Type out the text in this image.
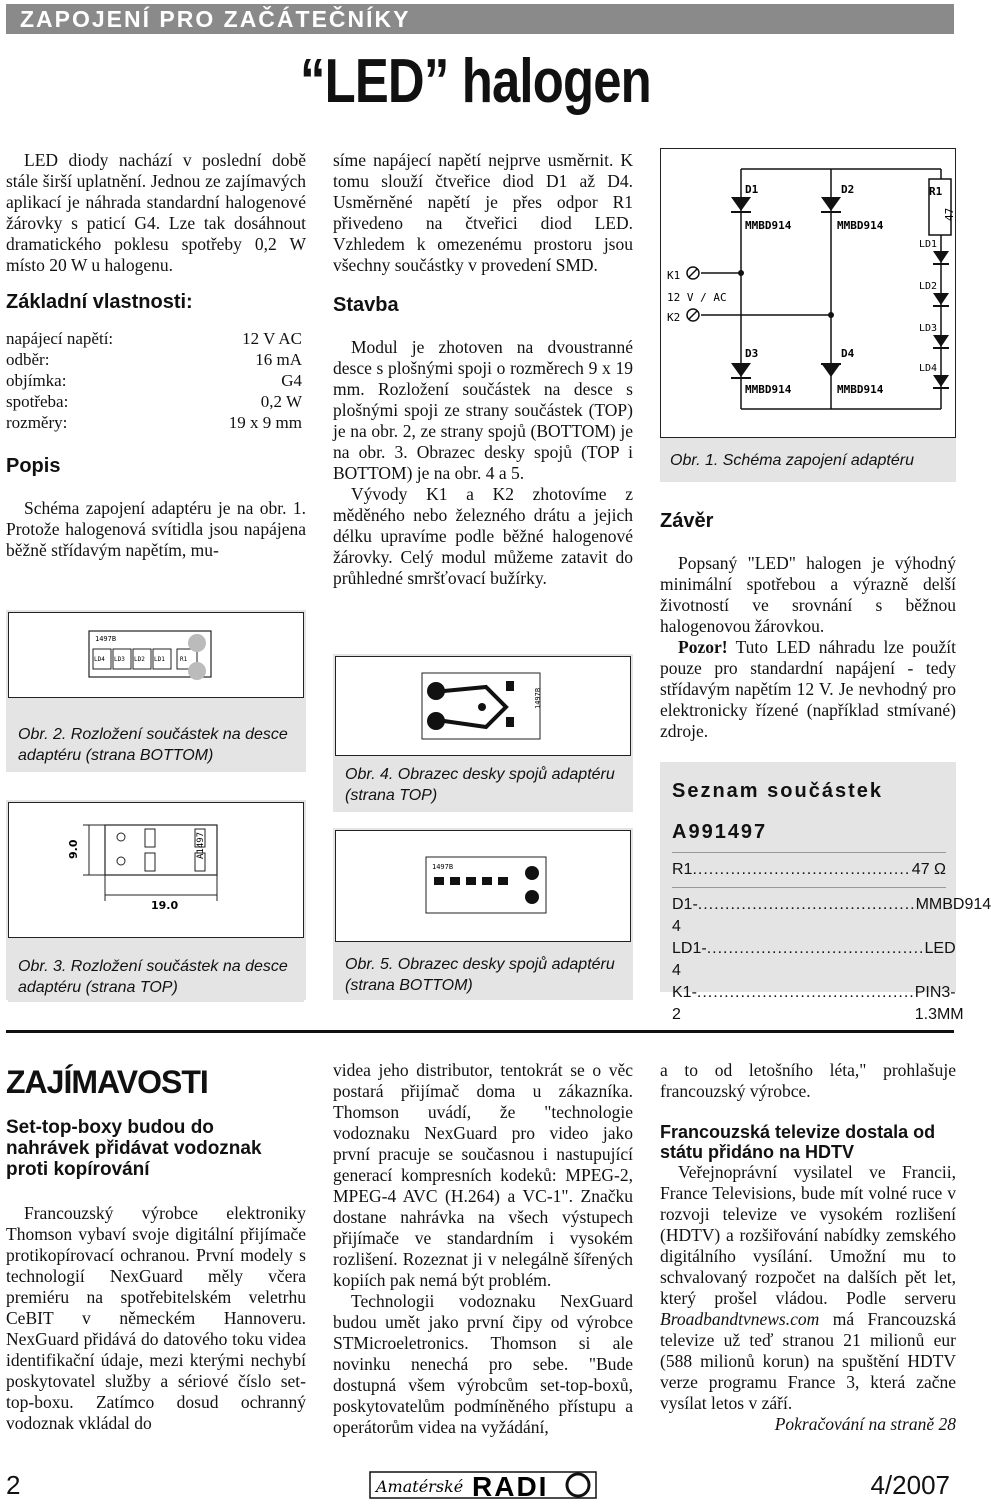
ZAPOJENÍ PRO ZAČÁTEČNÍKY
“LED” halogen

LED diody nachází v poslední době stále širší uplatnění. Jednou ze zajímavých aplikací je náhrada standardní halogenové žárovky s paticí G4. Lze tak dosáhnout dramatického poklesu spotřeby 0,2 W místo 20 W u halogenu.

Základní vlastnosti:
napájecí napětí:	12 V AC
odběr:	16 mA
objímka:	G4
spotřeba:	0,2 W
rozměry:	19 x 9 mm
Popis

Schéma zapojení adaptéru je na obr. 1. Protože halogenová svítidla jsou napájena běžně střídavým napětím, mu-

1497B
LD4 LD3 LD2 LD1	R1
Obr. 2. Rozložení součástek na desce adaptéru (strana BOTTOM)
9.0
19.0
A1497
Obr. 3. Rozložení součástek na desce adaptéru (strana TOP)

síme napájecí napětí nejprve usměrnit. K tomu slouží čtveřice diod D1 až D4. Usměrněné napětí je přes odpor R1 přivedeno na čtveřici diod LED. Vzhledem k omezenému prostoru jsou všechny součástky v provedení SMD.

Stavba

Modul je zhotoven na dvoustranné desce s plošnými spoji o rozměrech 9 x 19 mm. Rozložení součástek na desce s plošnými spoji ze strany součástek (TOP) je na obr. 2, ze strany spojů (BOTTOM) je na obr. 3. Obrazec desky spojů (TOP i BOTTOM) je na obr. 4 a 5.

Vývody K1 a K2 zhotovíme z měděného nebo železného drátu a jejich délku upravíme podle běžné halogenové žárovky. Celý modul můžeme zatavit do průhledné smršťovací bužírky.

1497B
Obr. 4. Obrazec desky spojů adaptéru (strana TOP)
1497B
Obr. 5. Obrazec desky spojů adaptéru (strana BOTTOM)
K1
12 V / AC
K2
D1
MMBD914
D2
MMBD914
D3
MMBD914
D4
MMBD914
R1
47
LD1
LD2
LD3
LD4
Obr. 1. Schéma zapojení adaptéru
Závěr

Popsaný "LED" halogen je výhodný minimální spotřebou a výrazně delší životností ve srovnání s běžnou halogenovou žárovkou.

Pozor! Tuto LED náhradu lze použít pouze pro standardní napájení - tedy střídavým napětím 12 V. Je nevhodný pro elektronicky řízené (například stmívané) zdroje.

Seznam součástek
A991497
R1 ........................................ 47 Ω
D1-4
........................................ MMBD914
LD1-4
........................................ LED
K1-2
........................................ PIN3-1.3MM
ZAJÍMAVOSTI
Set-top-boxy budou do nahrávek přidávat vodoznak proti kopírování

Francouzský výrobce elektroniky Thomson vybaví svoje digitální přijímače protikopírovací ochranou. První modely s technologií NexGuard měly včera premiéru na spotřebitelském veletrhu CeBIT v německém Hannoveru. NexGuard přidává do datového toku videa identifikační údaje, mezi kterými nechybí poskytovatel služby a sériové číslo set-top-boxu. Zatímco dosud ochranný vodoznak vkládal do

videa jeho distributor, tentokrát se o věc postará přijímač doma u zákazníka. Thomson uvádí, že "technologie vodoznaku NexGuard pro video jako první pracuje se současnou i nastupující generací kompresních kodeků: MPEG-2, MPEG-4 AVC (H.264) a VC-1". Značku dostane nahrávka na všech výstupech přijímače ve standardním i vysokém rozlišení. Rozeznat ji v nelegálně šířených kopiích pak nemá být problém.

Technologii vodoznaku NexGuard budou umět jako první čipy od výrobce STMicroeletronics. Thomson si ale novinku nenechá pro sebe. "Bude dostupná všem výrobcům set-top-boxů, poskytovatelům podmíněného přístupu a operátorům videa na vyžádání,

a to od letošního léta," prohlašuje francouzský výrobce.

Francouzská televize dostala od státu přidáno na HDTV

Veřejnoprávní vysilatel ve Francii, France Televisions, bude mít volné ruce v rozvoji televize ve vysokém rozlišení (HDTV) a rozšiřování nabídky zemského digitálního vysílání. Umožní mu to schvalovaný rozpočet na dalších pět let, který prošel vládou. Podle serveru Broadbandtvnews.com má Francouzská televize už teď stranou 21 milionů eur (588 milionů korun) na spuštění HDTV verze programu France 3, která začne vysílat letos v září.

Pokračování na straně 28

2	Amatérské RADI	4/2007
